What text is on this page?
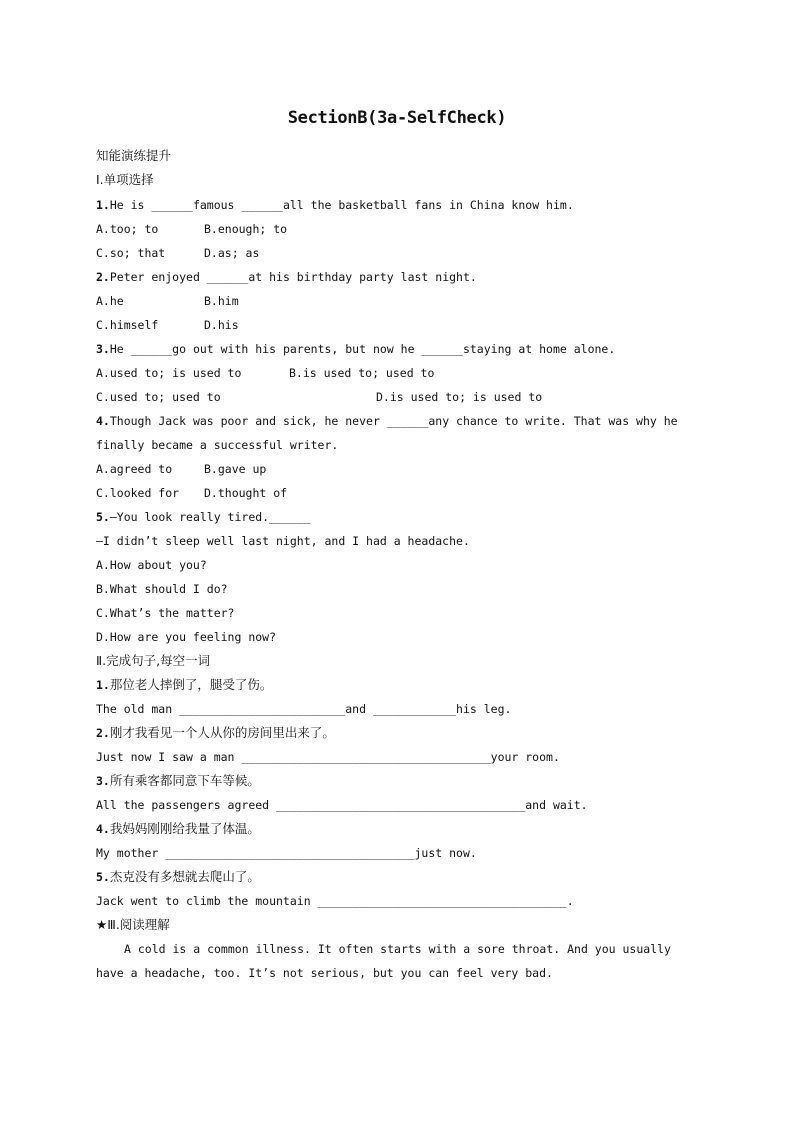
SectionB(3a-SelfCheck)
知能演练提升
Ⅰ.单项选择
1.He is ______famous ______all the basketball fans in China know him.
A.too; to	B.enough; to
C.so; that	D.as; as
2.Peter enjoyed ______at his birthday party last night.
A.he	B.him
C.himself	D.his
3.He ______go out with his parents, but now he ______staying at home alone.
A.used to; is used to	B.is used to; used to
C.used to; used to	D.is used to; is used to
4.Though Jack was poor and sick, he never ______any chance to write. That was why he
finally became a successful writer.
A.agreed to	B.gave up
C.looked for D.thought of
5.—You look really tired.______
—I didn’t sleep well last night, and I had a headache.
A.How about you?
B.What should I do?
C.What’s the matter?
D.How are you feeling now?
Ⅱ.完成句子,每空一词
1.那位老人摔倒了，腿受了伤。
The old man ________________________and ____________his leg.
2.刚才我看见一个人从你的房间里出来了。
Just now I saw a man ____________________________________your room.
3.所有乘客都同意下车等候。
All the passengers agreed ____________________________________and wait.
4.我妈妈刚刚给我量了体温。
My mother ____________________________________just now.
5.杰克没有多想就去爬山了。
Jack went to climb the mountain ____________________________________.
★Ⅲ.阅读理解
A cold is a common illness. It often starts with a sore throat. And you usually
have a headache, too. It’s not serious, but you can feel very bad.
